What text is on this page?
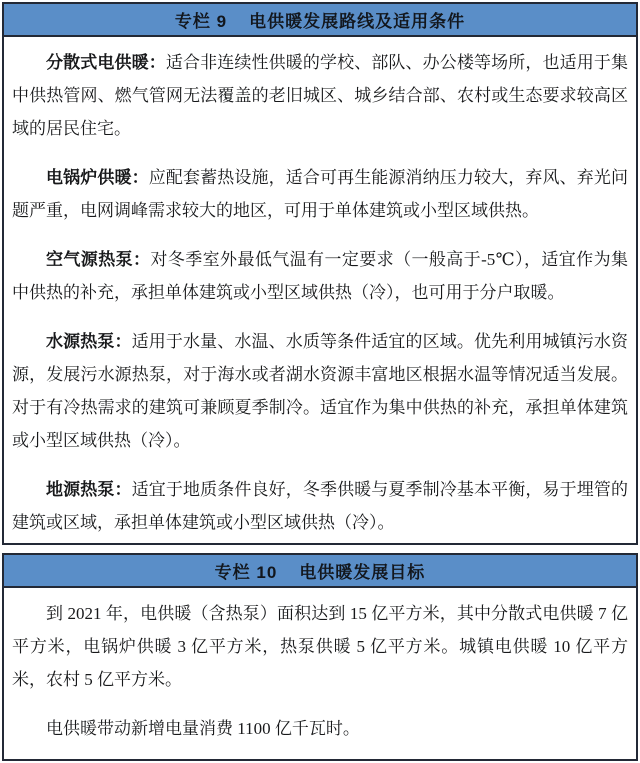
专栏 9 电供暖发展路线及适用条件

分散式电供暖：适合非连续性供暖的学校、部队、办公楼等场所，也适用于集中供热管网、燃气管网无法覆盖的老旧城区、城乡结合部、农村或生态要求较高区域的居民住宅。

电锅炉供暖：应配套蓄热设施，适合可再生能源消纳压力较大，弃风、弃光问题严重，电网调峰需求较大的地区，可用于单体建筑或小型区域供热。

空气源热泵：对冬季室外最低气温有一定要求（一般高于-5℃），适宜作为集中供热的补充，承担单体建筑或小型区域供热（冷），也可用于分户取暖。

水源热泵：适用于水量、水温、水质等条件适宜的区域。优先利用城镇污水资源，发展污水源热泵，对于海水或者湖水资源丰富地区根据水温等情况适当发展。对于有冷热需求的建筑可兼顾夏季制冷。适宜作为集中供热的补充，承担单体建筑或小型区域供热（冷）。

地源热泵：适宜于地质条件良好，冬季供暖与夏季制冷基本平衡，易于埋管的建筑或区域，承担单体建筑或小型区域供热（冷）。

专栏 10 电供暖发展目标

到 2021 年，电供暖（含热泵）面积达到 15 亿平方米，其中分散式电供暖 7 亿平方米，电锅炉供暖 3 亿平方米，热泵供暖 5 亿平方米。城镇电供暖 10 亿平方米，农村 5 亿平方米。

电供暖带动新增电量消费 1100 亿千瓦时。
